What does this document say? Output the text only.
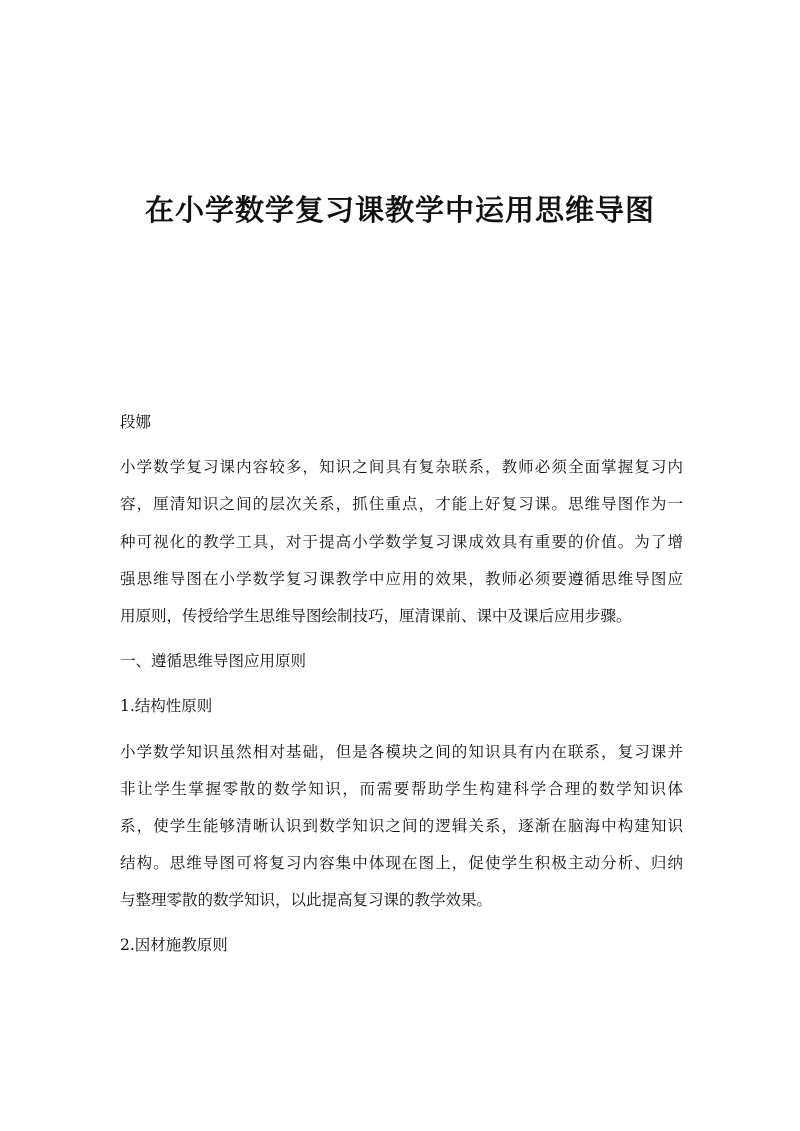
在小学数学复习课教学中运用思维导图
段娜
小学数学复习课内容较多，知识之间具有复杂联系，教师必须全面掌握复习内
容，厘清知识之间的层次关系，抓住重点，才能上好复习课。思维导图作为一
种可视化的教学工具，对于提高小学数学复习课成效具有重要的价值。为了增
强思维导图在小学数学复习课教学中应用的效果，教师必须要遵循思维导图应
用原则，传授给学生思维导图绘制技巧，厘清课前、课中及课后应用步骤。
一、遵循思维导图应用原则
1.结构性原则
小学数学知识虽然相对基础，但是各模块之间的知识具有内在联系，复习课并
非让学生掌握零散的数学知识，而需要帮助学生构建科学合理的数学知识体
系，使学生能够清晰认识到数学知识之间的逻辑关系，逐渐在脑海中构建知识
结构。思维导图可将复习内容集中体现在图上，促使学生积极主动分析、归纳
与整理零散的数学知识，以此提高复习课的教学效果。
2.因材施教原则
